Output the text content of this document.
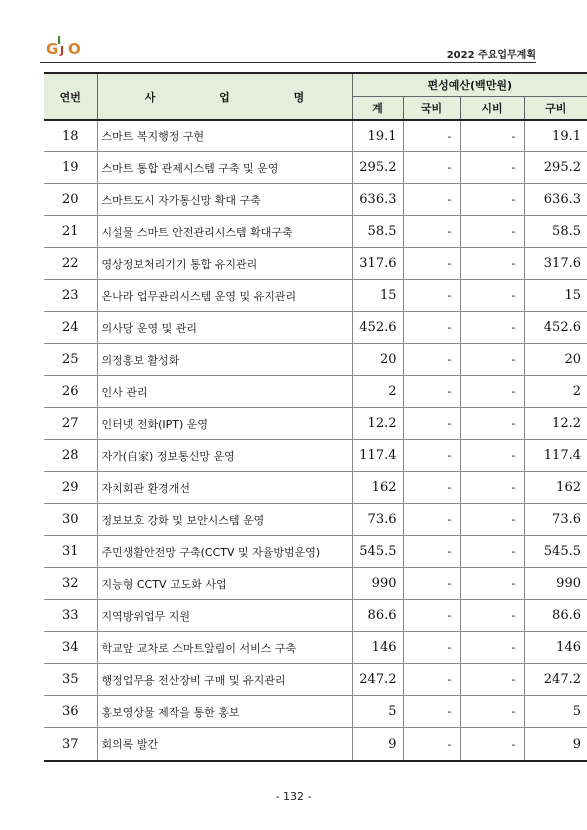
G
I
J O	2022 주요업무계획
연번	사 업 명	편성예산(백만원)			
		계	국비	시비	구비
18	스마트 복지행정 구현	19.1	-	-	19.1
19	스마트 통합 관제시스템 구축 및 운영	295.2	-	-	295.2
20	스마트도시 자가통신망 확대 구축	636.3	-	-	636.3
21	시설물 스마트 안전관리시스템 확대구축	58.5	-	-	58.5
22	영상정보처리기기 통합 유지관리	317.6	-	-	317.6
23	온나라 업무관리시스템 운영 및 유지관리	15	-	-	15
24	의사당 운영 및 관리	452.6	-	-	452.6
25	의정홍보 활성화	20	-	-	20
26	인사 관리	2	-	-	2
27	인터넷 전화(IPT) 운영	12.2	-	-	12.2
28	자가(自家) 정보통신망 운영	117.4	-	-	117.4
29	자치회관 환경개선	162	-	-	162
30	정보보호 강화 및 보안시스템 운영	73.6	-	-	73.6
31	주민생활안전망 구축(CCTV 및 자율방범운영)	545.5	-	-	545.5
32	지능형 CCTV 고도화 사업	990	-	-	990
33	지역방위업무 지원	86.6	-	-	86.6
34	학교앞 교차로 스마트알림이 서비스 구축	146	-	-	146
35	행정업무용 전산장비 구매 및 유지관리	247.2	-	-	247.2
36	홍보영상물 제작을 통한 홍보	5	-	-	5
37	회의록 발간	9	-	-	9
- 132 -
